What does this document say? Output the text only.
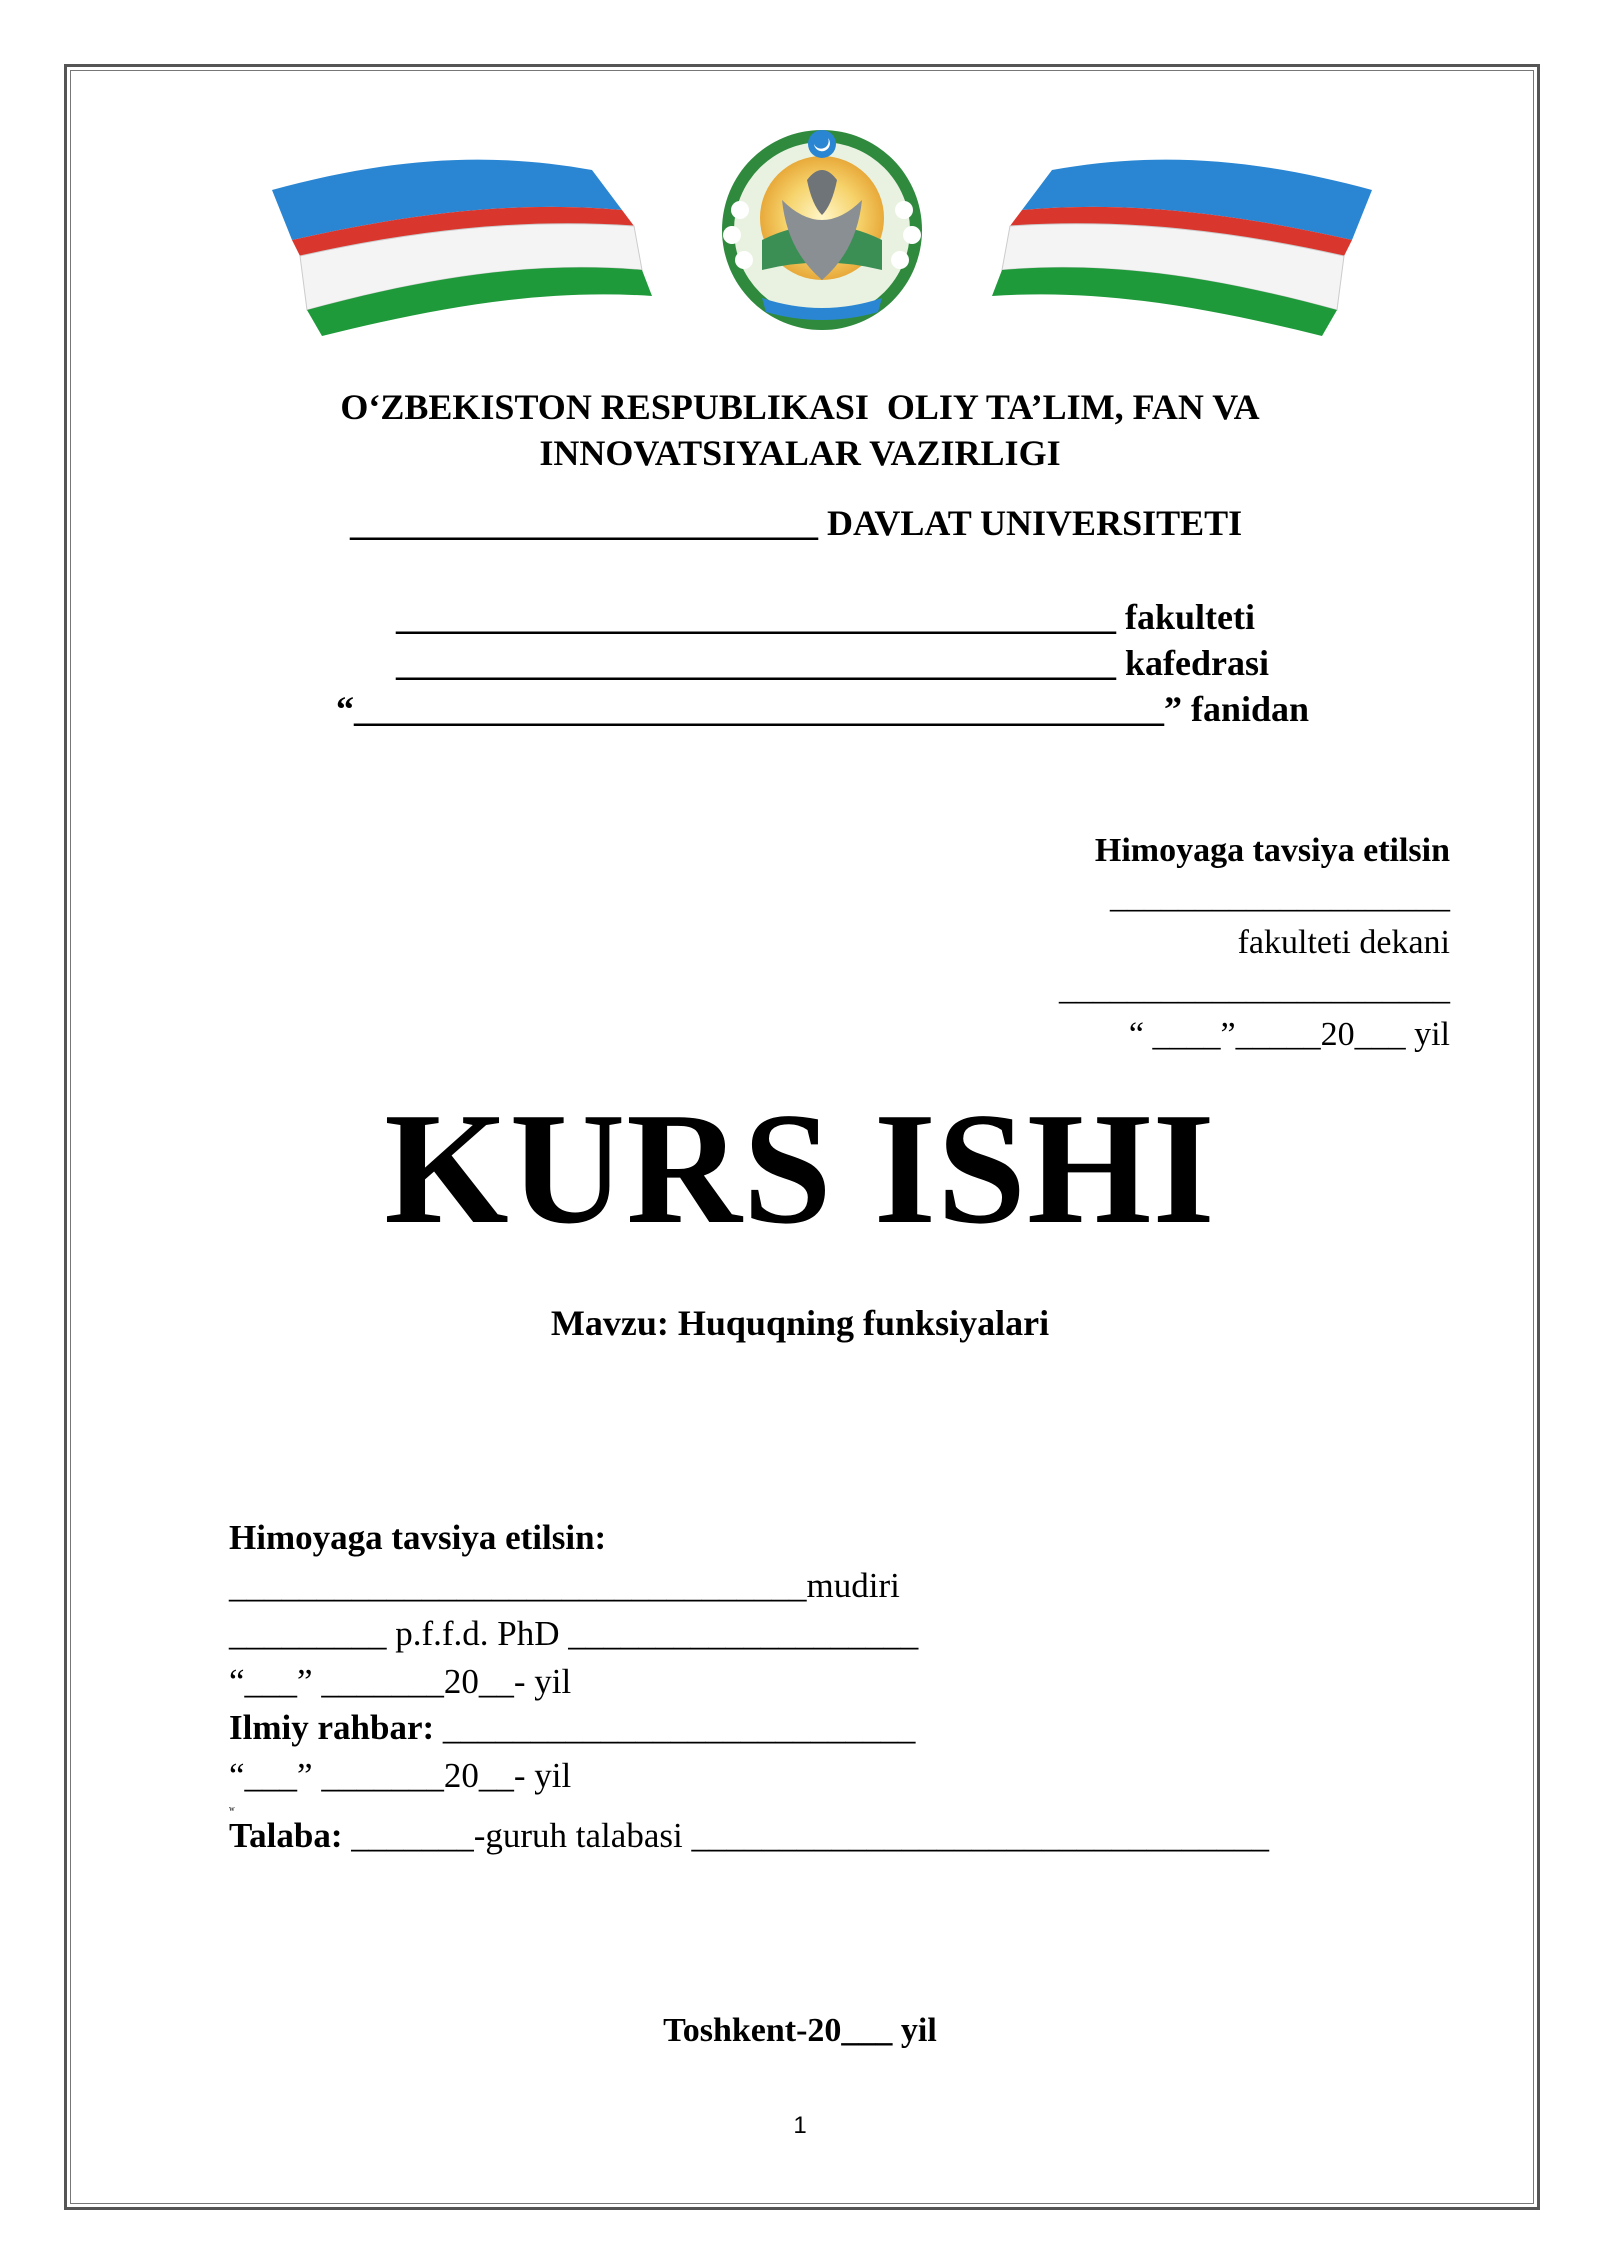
O‘ZBEKISTON RESPUBLIKASI  OLIY TA’LIM, FAN VA
INNOVATSIYALAR VAZIRLIGI
__________________________ DAVLAT UNIVERSITETI
________________________________________ fakulteti
________________________________________ kafedrasi
“_____________________________________________” fanidan
Himoyaga tavsiya etilsin
____________________
fakulteti dekani
_______________________
“ ____”_____20___ yil
KURS ISHI
Mavzu: Huquqning funksiyalari
Himoyaga tavsiya etilsin:
_________________________________mudiri
_________ p.f.f.d. PhD ____________________
“___” _______20__- yil
Ilmiy rahbar: ___________________________
“___” _______20__- yil
w
Talaba: _______-guruh talabasi _________________________________
Toshkent-20___ yil
1
